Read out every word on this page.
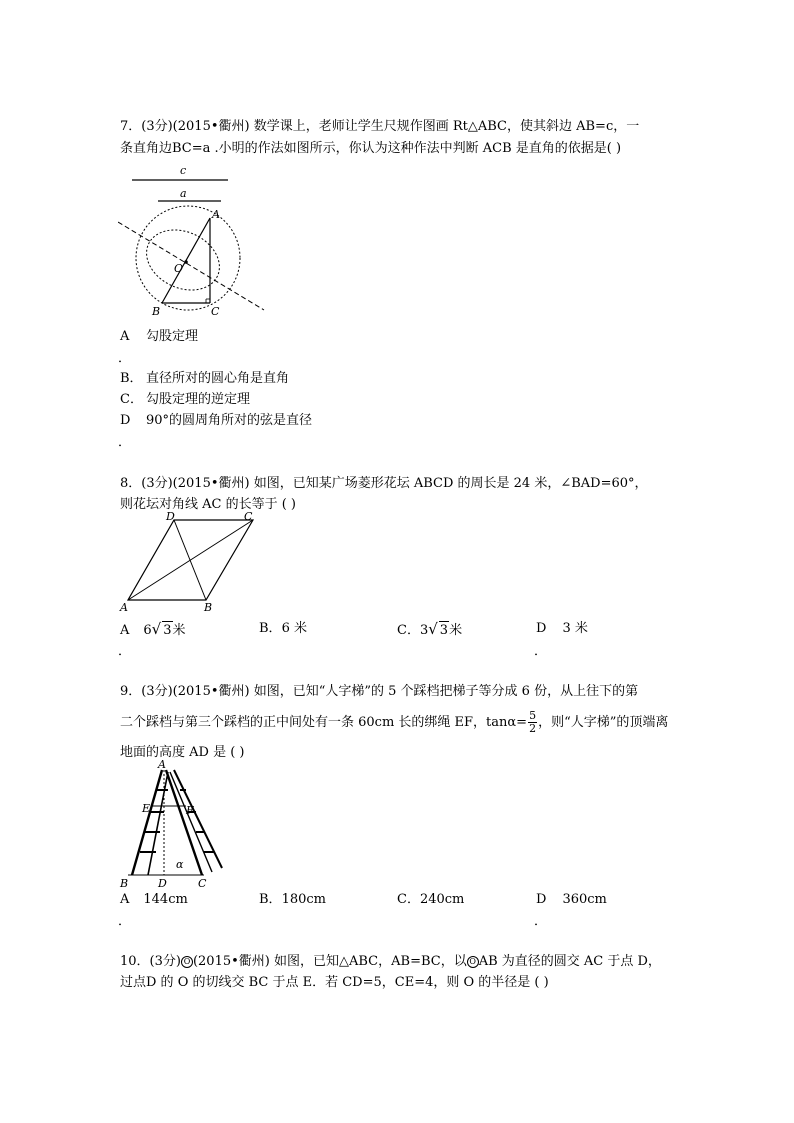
7．(3分)(2015•衢州) 数学课上，老师让学生尺规作图画 Rt△ABC，使其斜边 AB=c，一
条直角边BC=a .小明的作法如图所示，你认为这种作法中判断 ACB 是直角的依据是( )
c
a
A
O
B	C
A 勾股定理
．
B． 直径所对的圆心角是直角
C． 勾股定理的逆定理
D 90°的圆周角所对的弦是直径
．
8．(3分)(2015•衢州) 如图，已知某广场菱形花坛 ABCD 的周长是 24 米，∠BAD=60°，
则花坛对角线 AC 的长等于 ( )
A	B
C
D
A 6√ 3米
．
B．6 米	C．3√ 3米	D 3 米
．
9．(3分)(2015•衢州) 如图，已知“人字梯”的 5 个踩档把梯子等分成 6 份，从上往下的第
二个踩档与第三个踩档的正中间处有一条 60cm 长的绑绳 EF，$\tan\alpha= \frac{5}{2}$ ，则“人字梯”的顶端离
地面的高度 AD 是 ( )
A
E	F
α
B	D	C
A 144cm
．
B．180cm	C．240cm	D 360cm
．
10．(3分) O (2015•衢州) 如图，已知△ABC，AB=BC，以 O AB 为直径的圆交 AC 于点 D，
过点D 的 O 的切线交 BC 于点 E．若 CD=5，CE=4，则 O 的半径是 ( )
